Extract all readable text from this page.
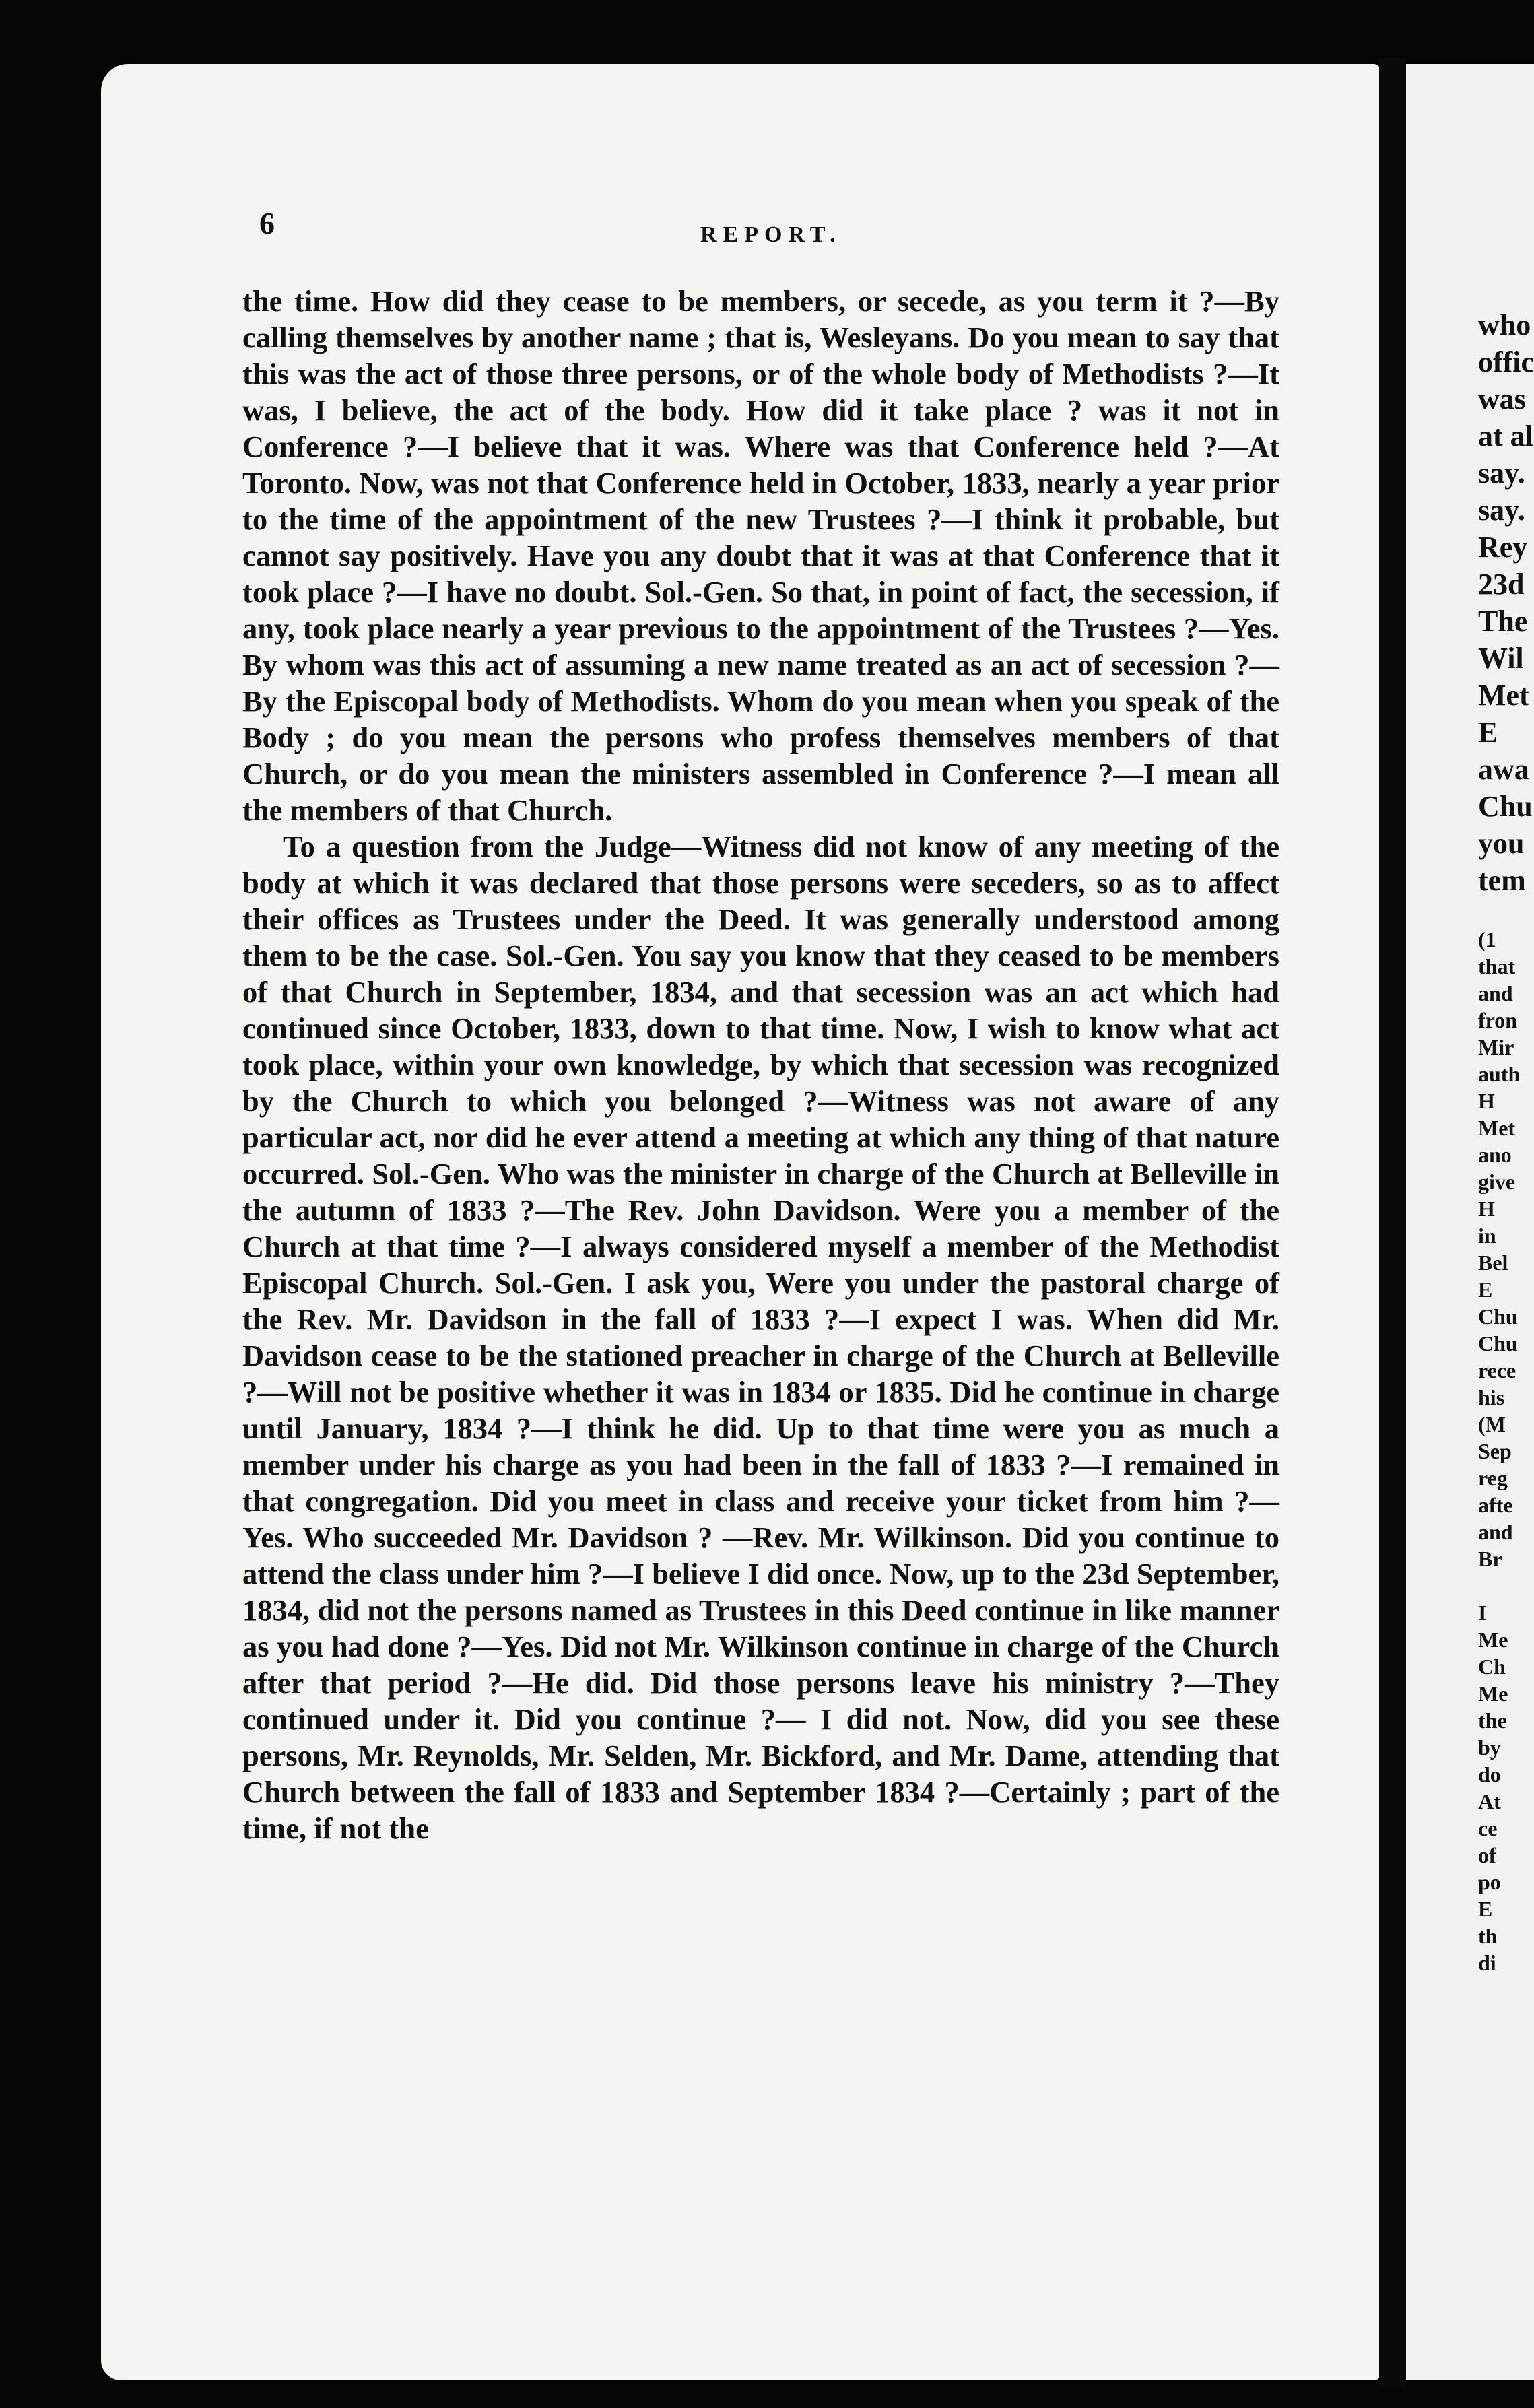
6	REPORT.

the time. How did they cease to be members, or secede, as you term it ?—By calling themselves by another name ; that is, Wesleyans. Do you mean to say that this was the act of those three persons, or of the whole body of Methodists ?—It was, I believe, the act of the body. How did it take place ? was it not in Conference ?—I believe that it was. Where was that Conference held ?—At Toronto. Now, was not that Conference held in October, 1833, nearly a year prior to the time of the appointment of the new Trustees ?—I think it probable, but cannot say positively. Have you any doubt that it was at that Conference that it took place ?—I have no doubt. Sol.-Gen. So that, in point of fact, the secession, if any, took place nearly a year previous to the appointment of the Trustees ?—Yes. By whom was this act of assuming a new name treated as an act of secession ?—By the Episcopal body of Methodists. Whom do you mean when you speak of the Body ; do you mean the persons who profess themselves members of that Church, or do you mean the ministers assembled in Conference ?—I mean all the members of that Church.

To a question from the Judge—Witness did not know of any meeting of the body at which it was declared that those persons were seceders, so as to affect their offices as Trustees under the Deed. It was generally understood among them to be the case. Sol.-Gen. You say you know that they ceased to be members of that Church in September, 1834, and that secession was an act which had continued since October, 1833, down to that time. Now, I wish to know what act took place, within your own knowledge, by which that secession was recognized by the Church to which you belonged ?—Witness was not aware of any particular act, nor did he ever attend a meeting at which any thing of that nature occurred. Sol.-Gen. Who was the minister in charge of the Church at Belleville in the autumn of 1833 ?—The Rev. John Davidson. Were you a member of the Church at that time ?—I always considered myself a member of the Methodist Episcopal Church. Sol.-Gen. I ask you, Were you under the pastoral charge of the Rev. Mr. Davidson in the fall of 1833 ?—I expect I was. When did Mr. Davidson cease to be the stationed preacher in charge of the Church at Belleville ?—Will not be positive whether it was in 1834 or 1835. Did he continue in charge until January, 1834 ?—I think he did. Up to that time were you as much a member under his charge as you had been in the fall of 1833 ?—I remained in that congregation. Did you meet in class and receive your ticket from him ?—Yes. Who succeeded Mr. Davidson ? —Rev. Mr. Wilkinson. Did you continue to attend the class under him ?—I believe I did once. Now, up to the 23d September, 1834, did not the persons named as Trustees in this Deed continue in like manner as you had done ?—Yes. Did not Mr. Wilkinson continue in charge of the Church after that period ?—He did. Did those persons leave his ministry ?—They continued under it. Did you continue ?— I did not. Now, did you see these persons, Mr. Reynolds, Mr. Selden, Mr. Bickford, and Mr. Dame, attending that Church between the fall of 1833 and September 1834 ?—Certainly ; part of the time, if not the

who
offic
was
at al
say.
say.
Rey
23d
The
Wil
Met
E
awa
Chu
you
tem
(1
that
and
fron
Mir
auth
H
Met
ano
give
H
in
Bel
E
Chu
Chu
rece
his
(M
Sep
reg
afte
and
Br
I
Me
Ch
Me
the
by
do
At
ce
of
po
E
th
di
